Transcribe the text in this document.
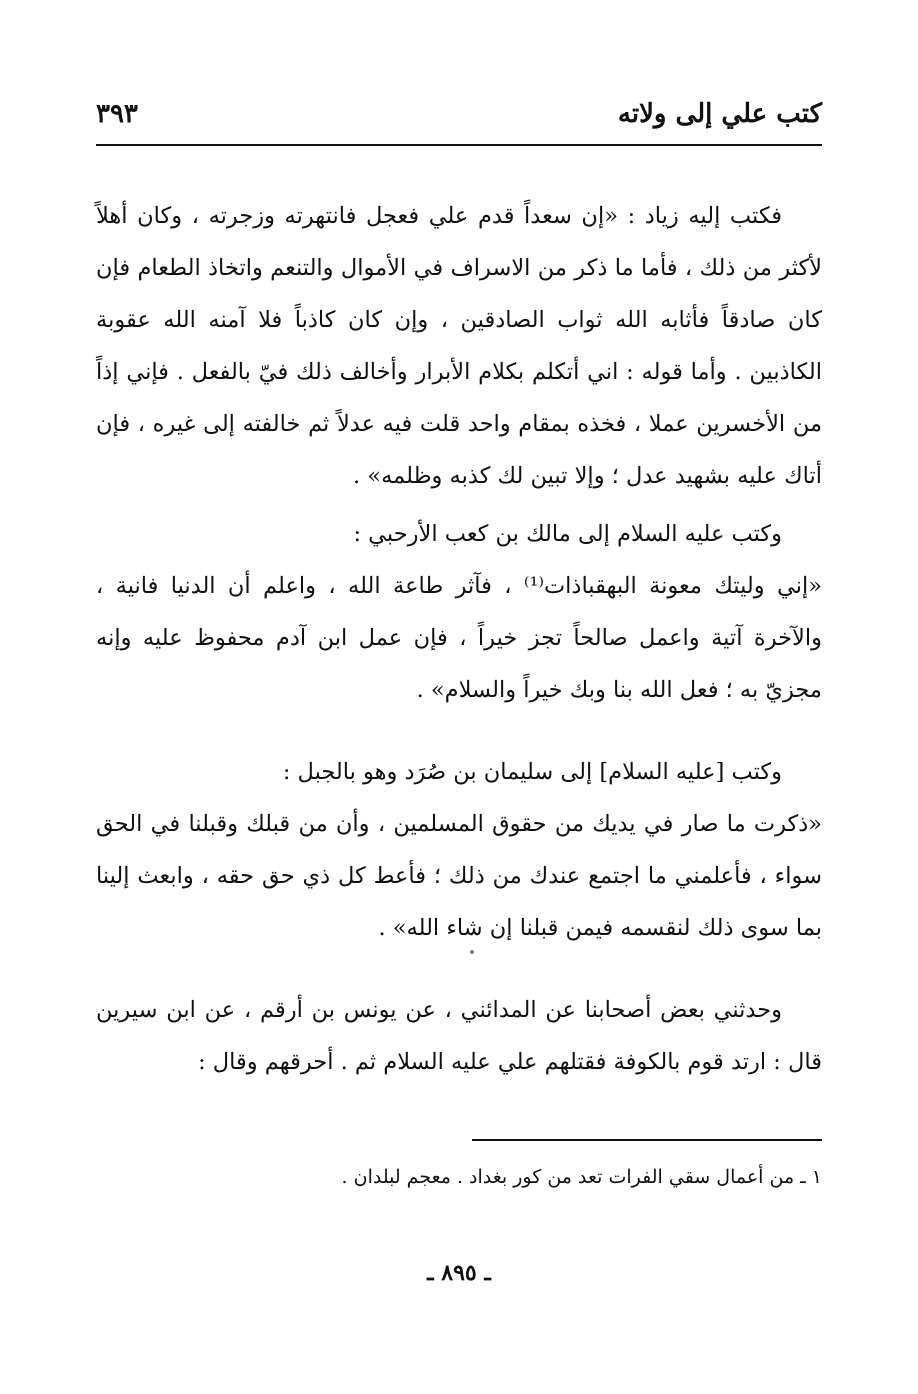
كتب علي إلى ولاته
٣٩٣

فكتب إليه زياد : «إن سعداً قدم علي فعجل فانتهرته وزجرته ، وكان أهلاً لأكثر من ذلك ، فأما ما ذكر من الاسراف في الأموال والتنعم واتخاذ الطعام فإن كان صادقاً فأثابه الله ثواب الصادقين ، وإن كان كاذباً فلا آمنه الله عقوبة الكاذبين . وأما قوله : اني أتكلم بكلام الأبرار وأخالف ذلك فيّ بالفعل . فإني إذاً من الأخسرين عملا ، فخذه بمقام واحد قلت فيه عدلاً ثم خالفته إلى غيره ، فإن أتاك عليه بشهيد عدل ؛ وإلا تبين لك كذبه وظلمه» .

وكتب عليه السلام إلى مالك بن كعب الأرحبي :

«إني وليتك معونة البهقباذات⁽¹⁾ ، فآثر طاعة الله ، واعلم أن الدنيا فانية ، والآخرة آتية واعمل صالحاً تجز خيراً ، فإن عمل ابن آدم محفوظ عليه وإنه مجزيّ به ؛ فعل الله بنا وبك خيراً والسلام» .

وكتب [عليه السلام] إلى سليمان بن صُرَد وهو بالجبل :

«ذكرت ما صار في يديك من حقوق المسلمين ، وأن من قبلك وقبلنا في الحق سواء ، فأعلمني ما اجتمع عندك من ذلك ؛ فأعط كل ذي حق حقه ، وابعث إلينا بما سوى ذلك لنقسمه فيمن قبلنا إن شاء الله» .

وحدثني بعض أصحابنا عن المدائني ، عن يونس بن أرقم ، عن ابن سيرين قال : ارتد قوم بالكوفة فقتلهم علي عليه السلام ثم . أحرقهم وقال :

١ ـ من أعمال سقي الفرات تعد من كور بغداد . معجم لبلدان .
ـ ٨٩٥ ـ
